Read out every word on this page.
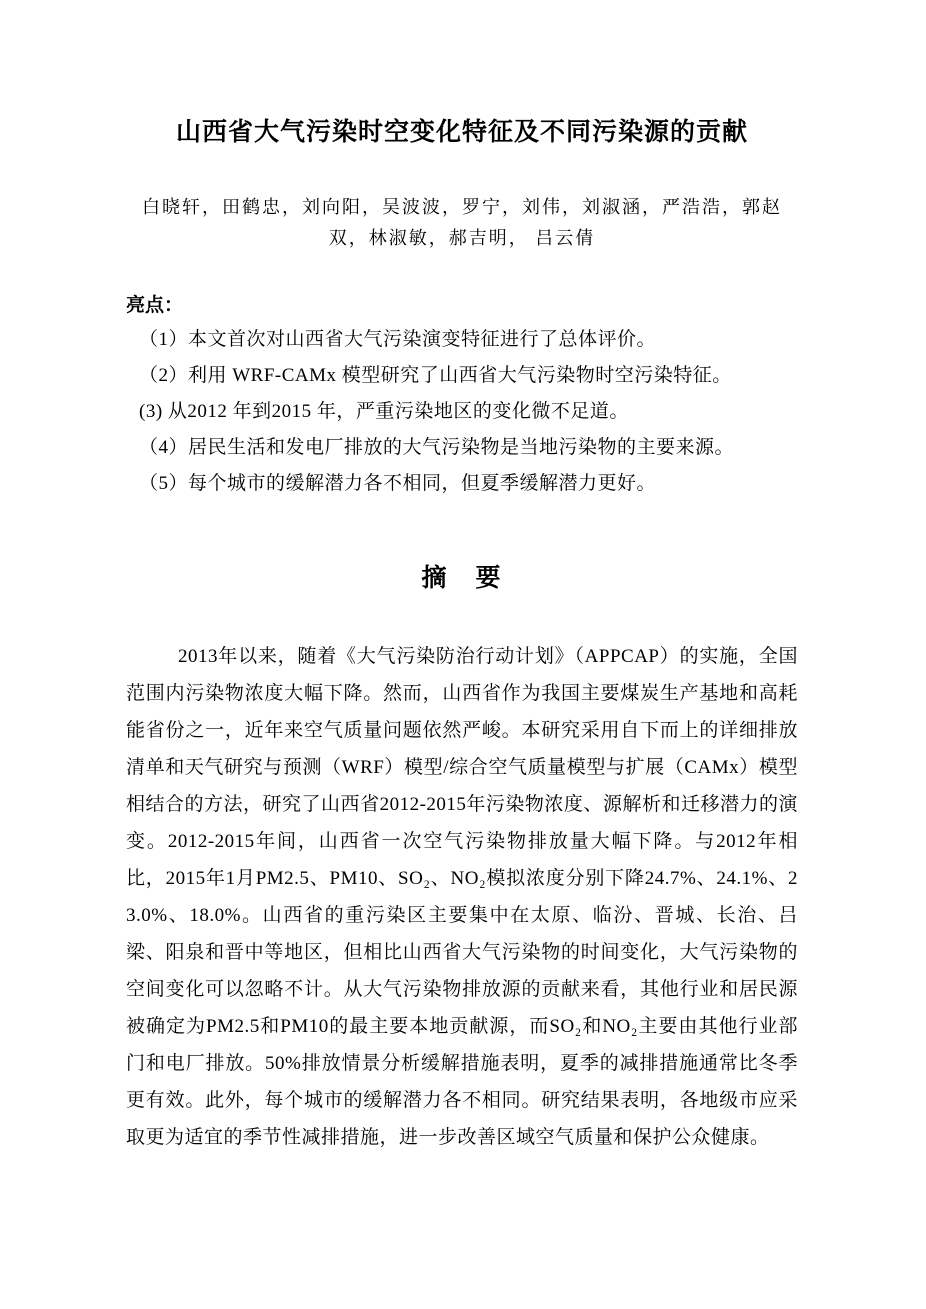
山西省大气污染时空变化特征及不同污染源的贡献

白晓轩，田鹤忠，刘向阳，吴波波，罗宁，刘伟，刘淑涵，严浩浩，郭赵
双，林淑敏，郝吉明， 吕云倩

亮点：

（1）本文首次对山西省大气污染演变特征进行了总体评价。

（2）利用 WRF-CAMx 模型研究了山西省大气污染物时空污染特征。

(3) 从2012 年到2015 年，严重污染地区的变化微不足道。

（4）居民生活和发电厂排放的大气污染物是当地污染物的主要来源。

（5）每个城市的缓解潜力各不相同，但夏季缓解潜力更好。

摘　要

2013年以来，随着《大气污染防治行动计划》（APPCAP）的实施，全国范围内污染物浓度大幅下降。然而，山西省作为我国主要煤炭生产基地和高耗能省份之一，近年来空气质量问题依然严峻。本研究采用自下而上的详细排放清单和天气研究与预测（WRF）模型/综合空气质量模型与扩展（CAMx）模型相结合的方法，研究了山西省2012-2015年污染物浓度、源解析和迁移潜力的演变。2012-2015年间，山西省一次空气污染物排放量大幅下降。与2012年相比，2015年1月PM2.5、PM10、SO₂、NO₂模拟浓度分别下降24.7%、24.1%、23.0%、18.0%。山西省的重污染区主要集中在太原、临汾、晋城、长治、吕梁、阳泉和晋中等地区，但相比山西省大气污染物的时间变化，大气污染物的空间变化可以忽略不计。从大气污染物排放源的贡献来看，其他行业和居民源被确定为PM2.5和PM10的最主要本地贡献源，而SO₂和NO₂主要由其他行业部门和电厂排放。50%排放情景分析缓解措施表明，夏季的减排措施通常比冬季更有效。此外，每个城市的缓解潜力各不相同。研究结果表明，各地级市应采取更为适宜的季节性减排措施，进一步改善区域空气质量和保护公众健康。
